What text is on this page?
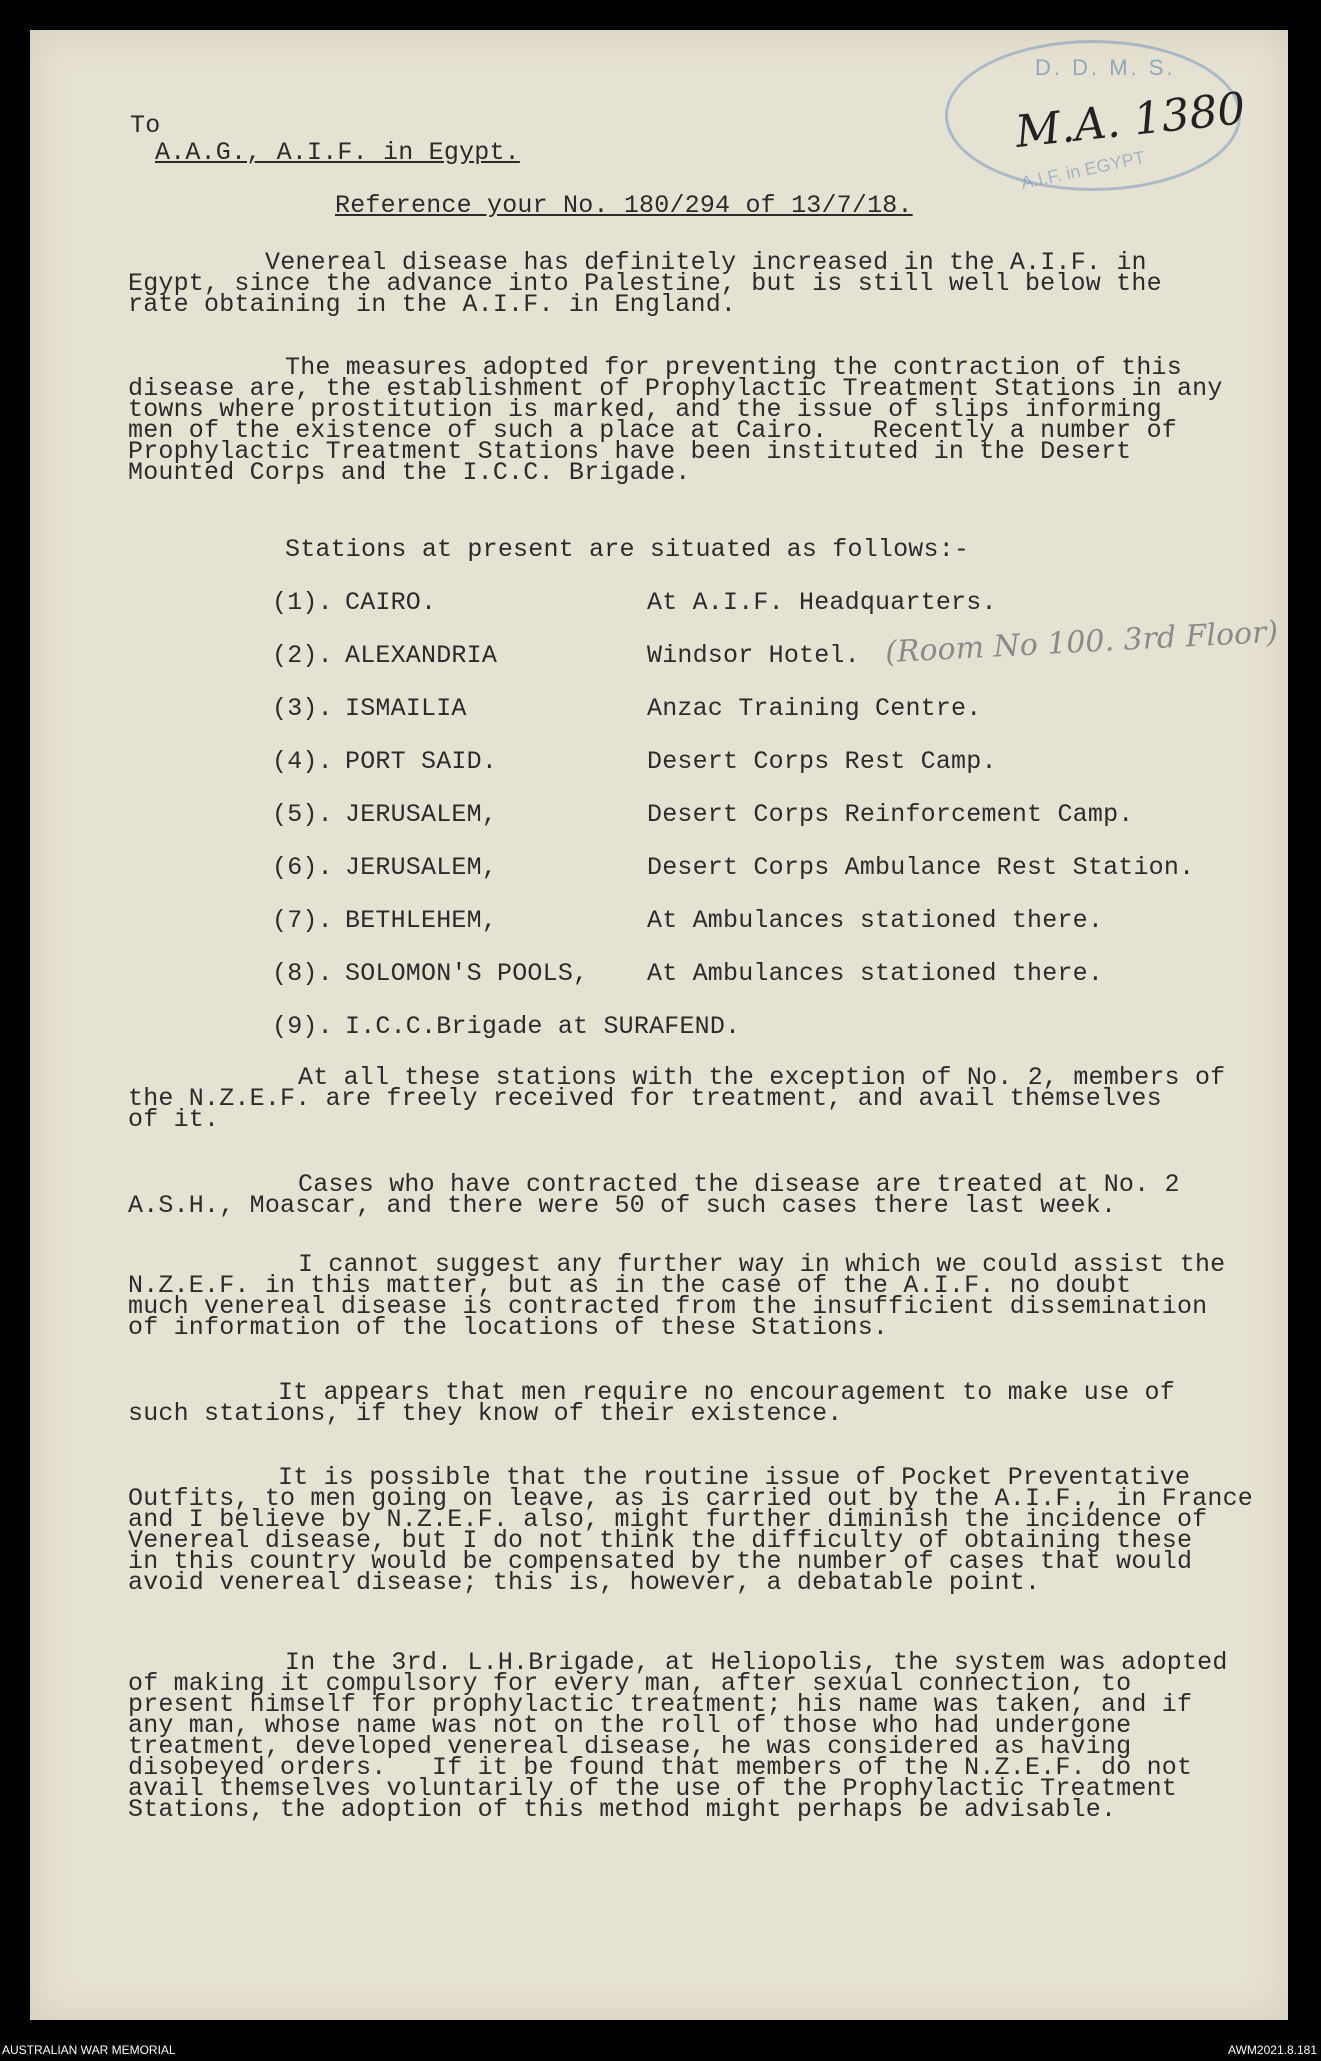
D. D. M. S.
A.I.F. in EGYPT
M.A. 1380
To
A.A.G., A.I.F. in Egypt.
Reference your No. 180/294 of 13/7/18.
Venereal disease has definitely increased in the A.I.F. in
Egypt, since the advance into Palestine, but is still well below the
rate obtaining in the A.I.F. in England.
The measures adopted for preventing the contraction of this
disease are, the establishment of Prophylactic Treatment Stations in any
towns where prostitution is marked, and the issue of slips informing
men of the existence of such a place at Cairo.   Recently a number of
Prophylactic Treatment Stations have been instituted in the Desert
Mounted Corps and the I.C.C. Brigade.
Stations at present are situated as follows:-
(1). CAIRO.	At A.I.F. Headquarters.
(2). ALEXANDRIA	Windsor Hotel.
(3). ISMAILIA	Anzac Training Centre.
(4). PORT SAID.	Desert Corps Rest Camp.
(5). JERUSALEM,	Desert Corps Reinforcement Camp.
(6). JERUSALEM,	Desert Corps Ambulance Rest Station.
(7). BETHLEHEM,	At Ambulances stationed there.
(8). SOLOMON'S POOLS, At Ambulances stationed there.
(9). I.C.C.Brigade at SURAFEND.
(Room No 100. 3rd Floor)
At all these stations with the exception of No. 2, members of
the N.Z.E.F. are freely received for treatment, and avail themselves
of it.
Cases who have contracted the disease are treated at No. 2
A.S.H., Moascar, and there were 50 of such cases there last week.
I cannot suggest any further way in which we could assist the
N.Z.E.F. in this matter, but as in the case of the A.I.F. no doubt
much venereal disease is contracted from the insufficient dissemination
of information of the locations of these Stations.
It appears that men require no encouragement to make use of
such stations, if they know of their existence.
It is possible that the routine issue of Pocket Preventative
Outfits, to men going on leave, as is carried out by the A.I.F., in France
and I believe by N.Z.E.F. also, might further diminish the incidence of
Venereal disease, but I do not think the difficulty of obtaining these
in this country would be compensated by the number of cases that would
avoid venereal disease; this is, however, a debatable point.
In the 3rd. L.H.Brigade, at Heliopolis, the system was adopted
of making it compulsory for every man, after sexual connection, to
present himself for prophylactic treatment; his name was taken, and if
any man, whose name was not on the roll of those who had undergone
treatment, developed venereal disease, he was considered as having
disobeyed orders.   If it be found that members of the N.Z.E.F. do not
avail themselves voluntarily of the use of the Prophylactic Treatment
Stations, the adoption of this method might perhaps be advisable.
AUSTRALIAN WAR MEMORIAL	AWM2021.8.181
